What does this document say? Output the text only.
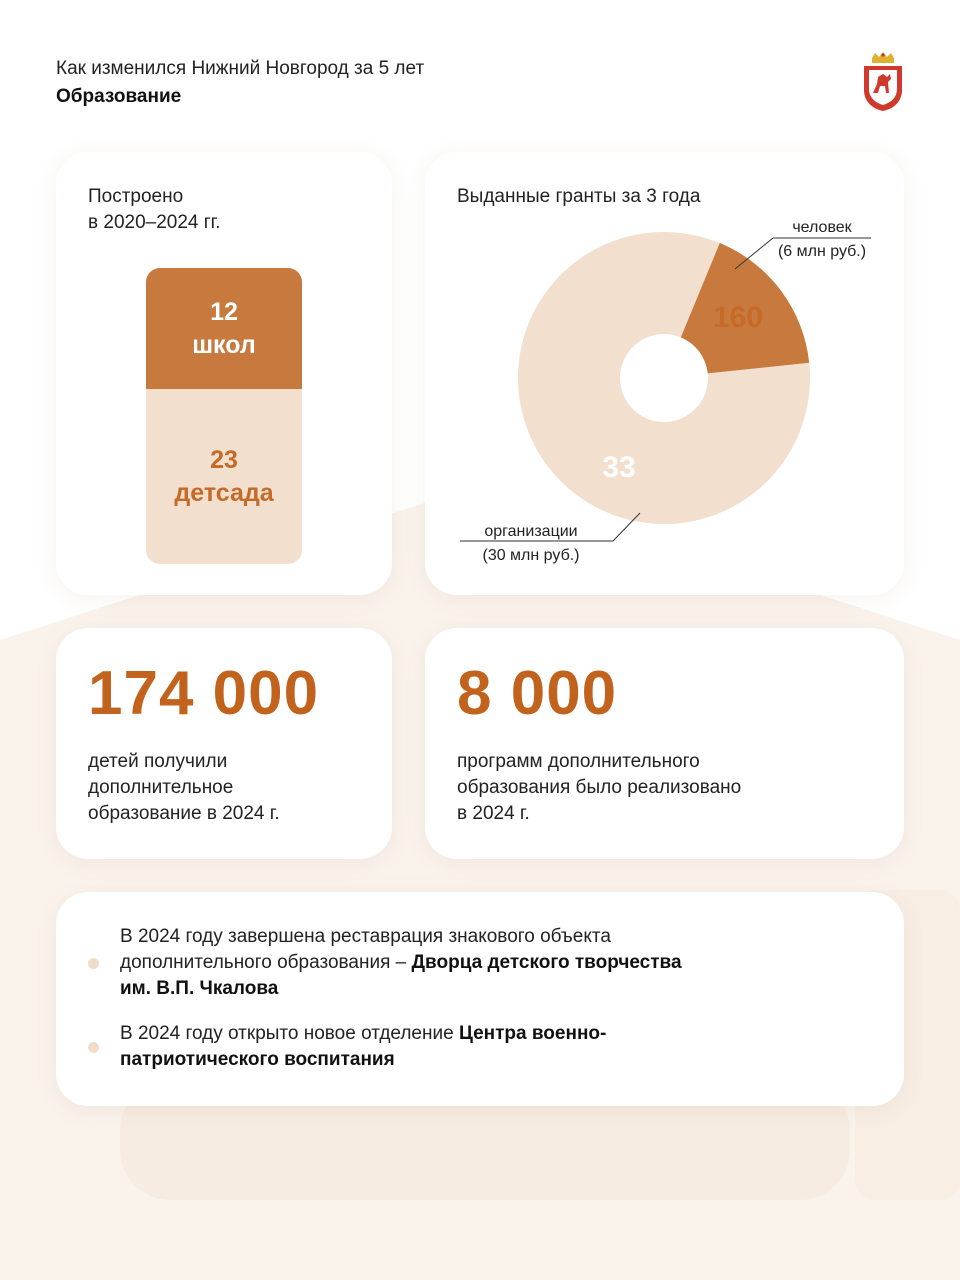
Как изменился Нижний Новгород за 5 лет
Образование
Построено
в 2020–2024 гг.
12
школ
23
детсада
Выданные гранты за 3 года
160
33
человек
(6 млн руб.)
организации
(30 млн руб.)
174 000
детей получили
дополнительное
образование в 2024 г.
8 000
программ дополнительного
образования было реализовано
в 2024 г.
В 2024 году завершена реставрация знакового объекта
дополнительного образования – Дворца детского творчества
им. В.П. Чкалова
В 2024 году открыто новое отделение Центра военно-
патриотического воспитания
